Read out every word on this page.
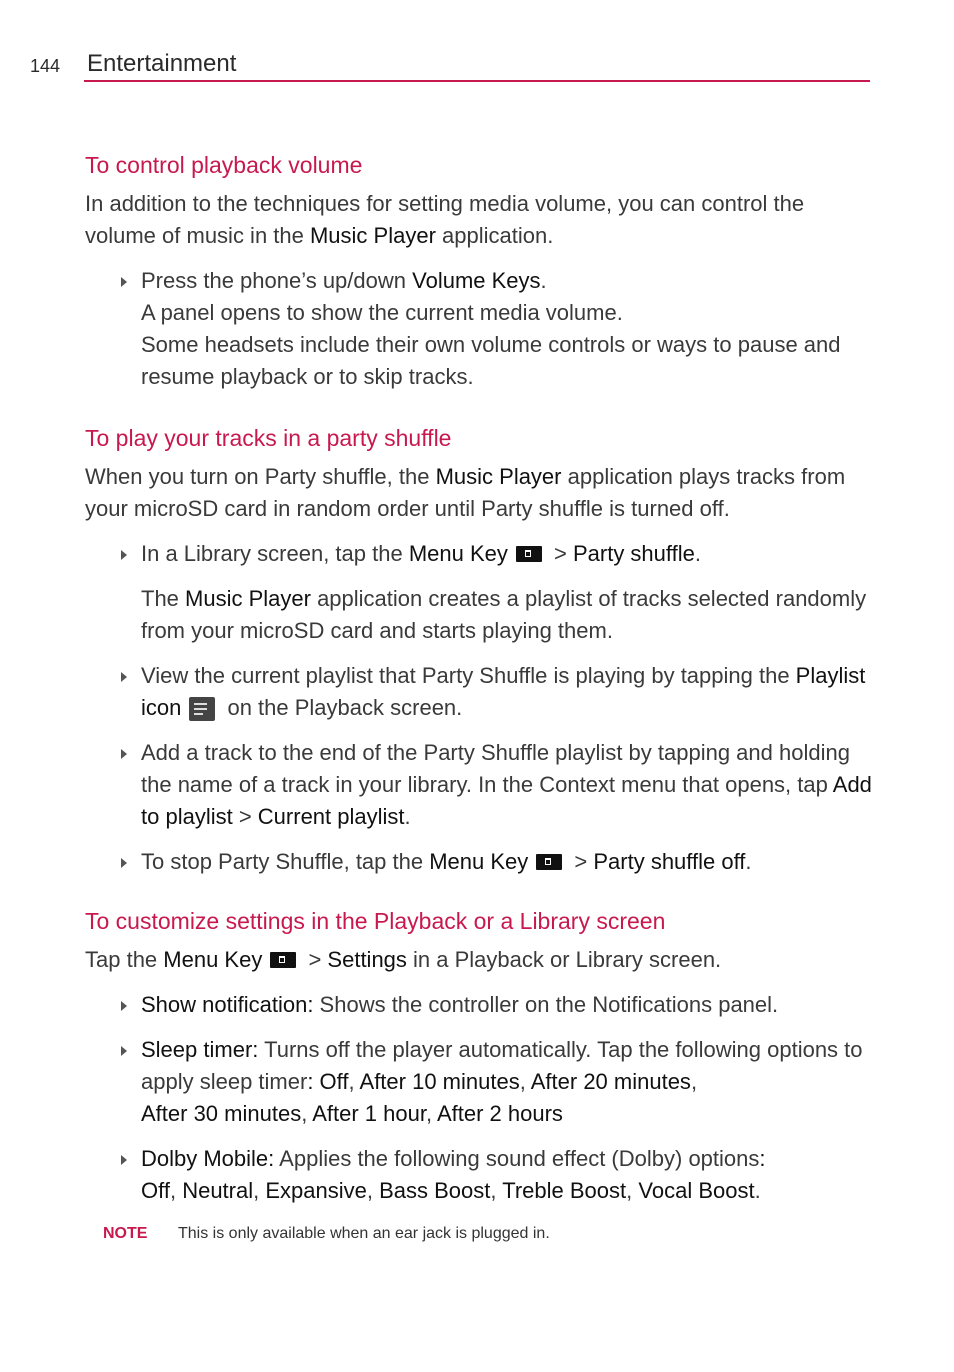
144 Entertainment
To control playback volume

In addition to the techniques for setting media volume, you can control the volume of music in the Music Player application.

Press the phone’s up/down Volume Keys.
A panel opens to show the current media volume.
Some headsets include their own volume controls or ways to pause and resume playback or to skip tracks.
To play your tracks in a party shuffle

When you turn on Party shuffle, the Music Player application plays tracks from your microSD card in random order until Party shuffle is turned off.

In a Library screen, tap the Menu Key > Party shuffle.
The Music Player application creates a playlist of tracks selected randomly from your microSD card and starts playing them.
View the current playlist that Party Shuffle is playing by tapping the Playlist icon
on the Playback screen.
Add a track to the end of the Party Shuffle playlist by tapping and holding the name of a track in your library. In the Context menu that opens, tap Add to playlist > Current playlist.
To stop Party Shuffle, tap the Menu Key > Party shuffle off.
To customize settings in the Playback or a Library screen

Tap the Menu Key > Settings in a Playback or Library screen.

Show notification: Shows the controller on the Notifications panel.
Sleep timer: Turns off the player automatically. Tap the following options to apply sleep timer: Off, After 10 minutes, After 20 minutes,
After 30 minutes, After 1 hour, After 2 hours
Dolby Mobile: Applies the following sound effect (Dolby) options:
Off, Neutral, Expansive, Bass Boost, Treble Boost, Vocal Boost.
NOTE This is only available when an ear jack is plugged in.
